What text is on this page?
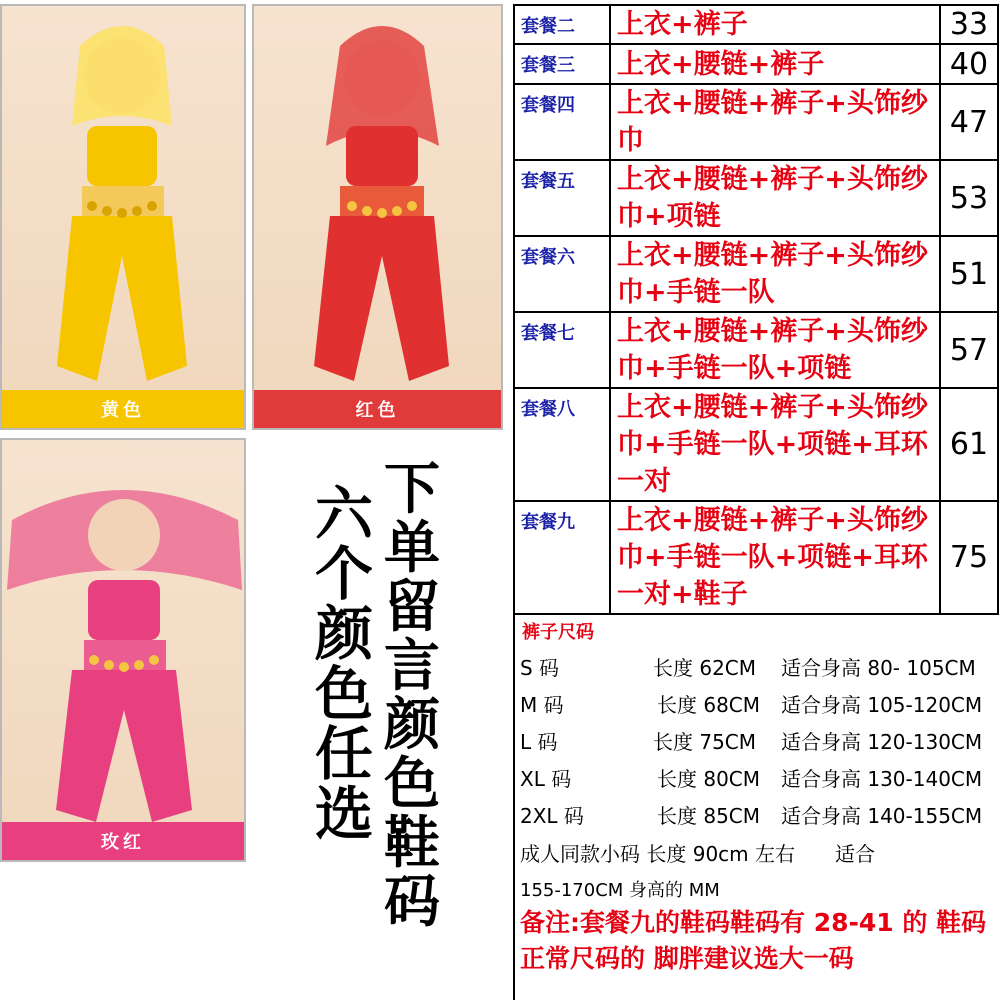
黄色	红色
玫红
六个颜色任选
下单留言颜色鞋码
套餐二	上衣+裤子	33
套餐三	上衣+腰链+裤子	40
套餐四	上衣+腰链+裤子+头饰纱巾	47
套餐五	上衣+腰链+裤子+头饰纱巾+项链	53
套餐六	上衣+腰链+裤子+头饰纱巾+手链一队	51
套餐七	上衣+腰链+裤子+头饰纱巾+手链一队+项链	57
套餐八	上衣+腰链+裤子+头饰纱巾+手链一队+项链+耳环一对	61
套餐九	上衣+腰链+裤子+头饰纱巾+手链一队+项链+耳环一对+鞋子	75
裤子尺码
S 码	长度 62CM 适合身高 80- 105CM
M 码	长度 68CM 适合身高 105-120CM
L 码	长度 75CM 适合身高 120-130CM
XL 码	长度 80CM 适合身高 130-140CM
2XL 码	长度 85CM 适合身高 140-155CM
成人同款小码 长度 90cm 左右　　适合
155-170CM 身高的 MM
备注:套餐九的鞋码鞋码有 28-41 的 鞋码正常尺码的 脚胖建议选大一码
